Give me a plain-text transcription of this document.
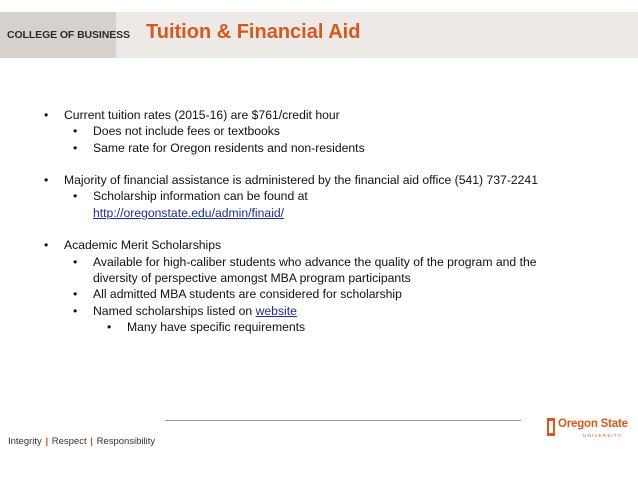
COLLEGE OF BUSINESS Tuition & Financial Aid
•	Current tuition rates (2015-16) are $761/credit hour
•	Does not include fees or textbooks
•	Same rate for Oregon residents and non-residents
•	Majority of financial assistance is administered by the financial aid office (541) 737-2241
•	Scholarship information can be found at
http://oregonstate.edu/admin/finaid/
•	Academic Merit Scholarships
•	Available for high-caliber students who advance the quality of the program and the diversity of perspective amongst MBA program participants
•	All admitted MBA students are considered for scholarship
•	Named scholarships listed on website
•	Many have specific requirements
Integrity | Respect | Responsibility
Oregon State
UNIVERSITY
